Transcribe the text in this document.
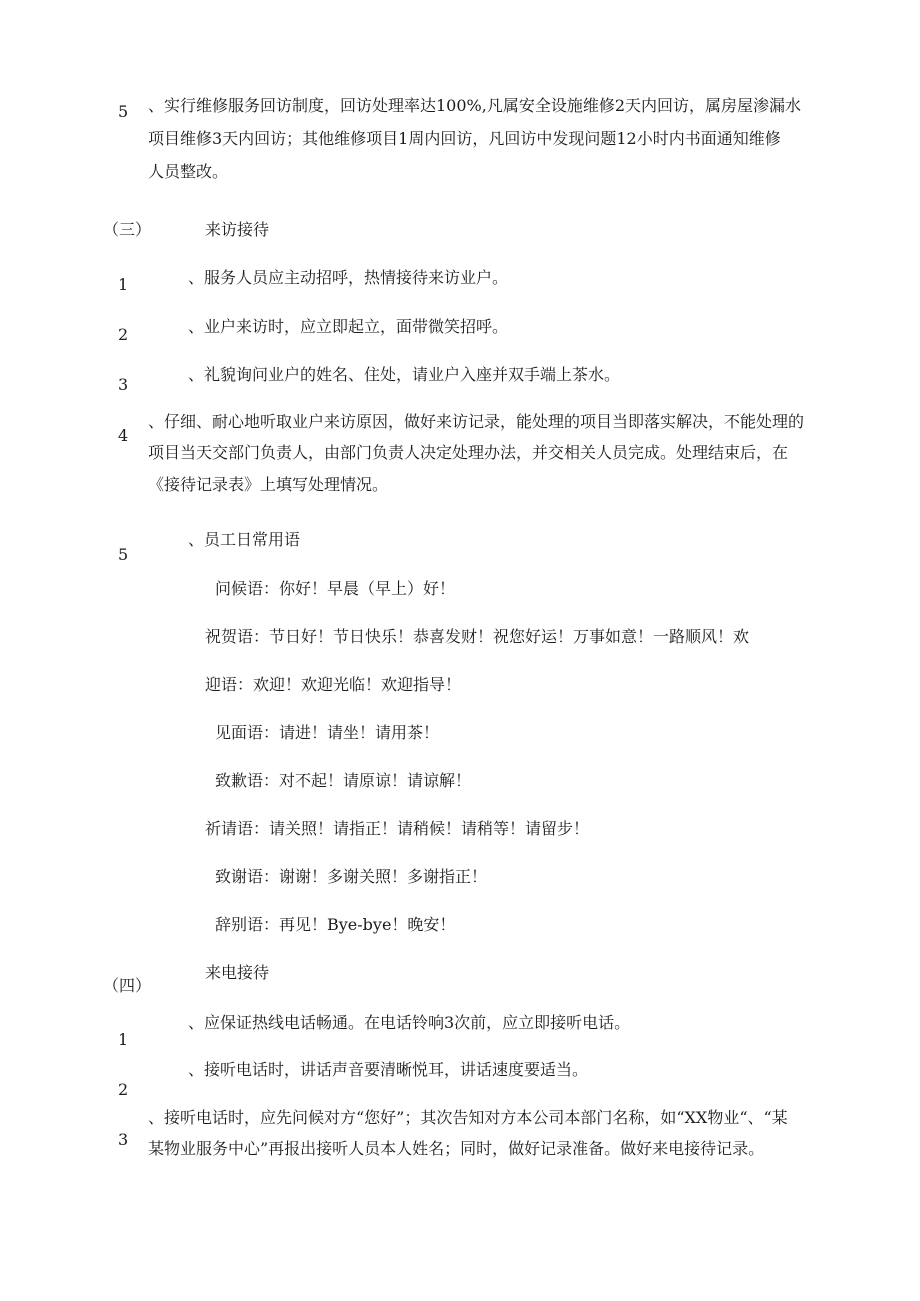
5 、实行维修服务回访制度，回访处理率达100%,凡属安全设施维修2天内回访，属房屋渗漏水
项目维修3天内回访；其他维修项目1周内回访，凡回访中发现问题12小时内书面通知维修
人员整改。
（三）	来访接待
1	、服务人员应主动招呼，热情接待来访业户。
2	、业户来访时，应立即起立，面带微笑招呼。
3
、礼貌询问业户的姓名、住处，请业户入座并双手端上茶水。
4
、仔细、耐心地听取业户来访原因，做好来访记录，能处理的项目当即落实解决，不能处理的
项目当天交部门负责人，由部门负责人决定处理办法，并交相关人员完成。处理结束后，在
《接待记录表》上填写处理情况。
5
、员工日常用语
问候语：你好！早晨（早上）好！
祝贺语：节日好！节日快乐！恭喜发财！祝您好运！万事如意！一路顺风！欢
迎语：欢迎！欢迎光临！欢迎指导！
见面语：请进！请坐！请用茶！
致歉语：对不起！请原谅！请谅解！
祈请语：请关照！请指正！请稍候！请稍等！请留步！
致谢语：谢谢！多谢关照！多谢指正！
辞别语：再见！Bye-bye！晚安！
来电接待
（四）
、应保证热线电话畅通。在电话铃响3次前，应立即接听电话。
1
、接听电话时，讲话声音要清晰悦耳，讲话速度要适当。
2
、接听电话时，应先问候对方“您好”；其次告知对方本公司本部门名称，如“XX物业“、“某
3 某物业服务中心”再报出接听人员本人姓名；同时，做好记录准备。做好来电接待记录。
